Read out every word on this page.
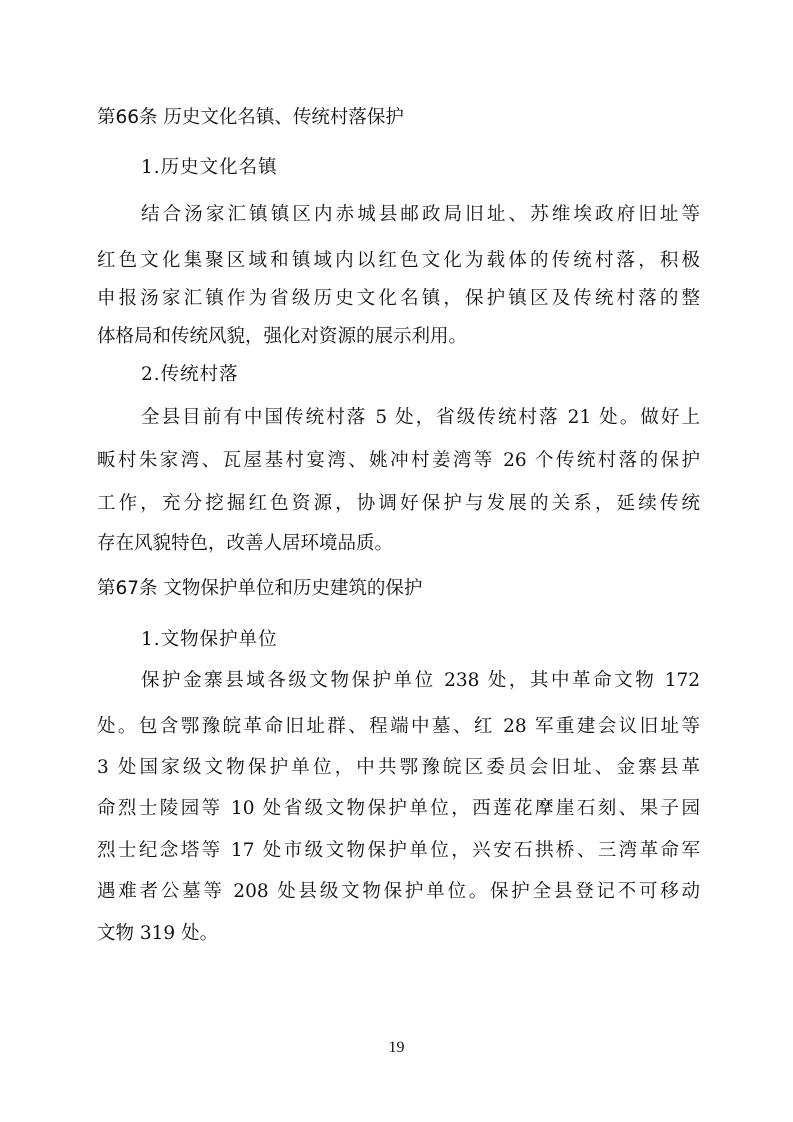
第66条 历史文化名镇、传统村落保护
1.历史文化名镇
结合汤家汇镇镇区内赤城县邮政局旧址、苏维埃政府旧址等
红色文化集聚区域和镇域内以红色文化为载体的传统村落，积极
申报汤家汇镇作为省级历史文化名镇，保护镇区及传统村落的整
体格局和传统风貌，强化对资源的展示利用。
2.传统村落
全县目前有中国传统村落 5 处，省级传统村落 21 处。做好上
畈村朱家湾、瓦屋基村宴湾、姚冲村姜湾等 26 个传统村落的保护
工作，充分挖掘红色资源，协调好保护与发展的关系，延续传统
存在风貌特色，改善人居环境品质。
第67条 文物保护单位和历史建筑的保护
1.文物保护单位
保护金寨县域各级文物保护单位 238 处，其中革命文物 172
处。包含鄂豫皖革命旧址群、程端中墓、红 28 军重建会议旧址等
3 处国家级文物保护单位，中共鄂豫皖区委员会旧址、金寨县革
命烈士陵园等 10 处省级文物保护单位，西莲花摩崖石刻、果子园
烈士纪念塔等 17 处市级文物保护单位，兴安石拱桥、三湾革命军
遇难者公墓等 208 处县级文物保护单位。保护全县登记不可移动
文物 319 处。
19
